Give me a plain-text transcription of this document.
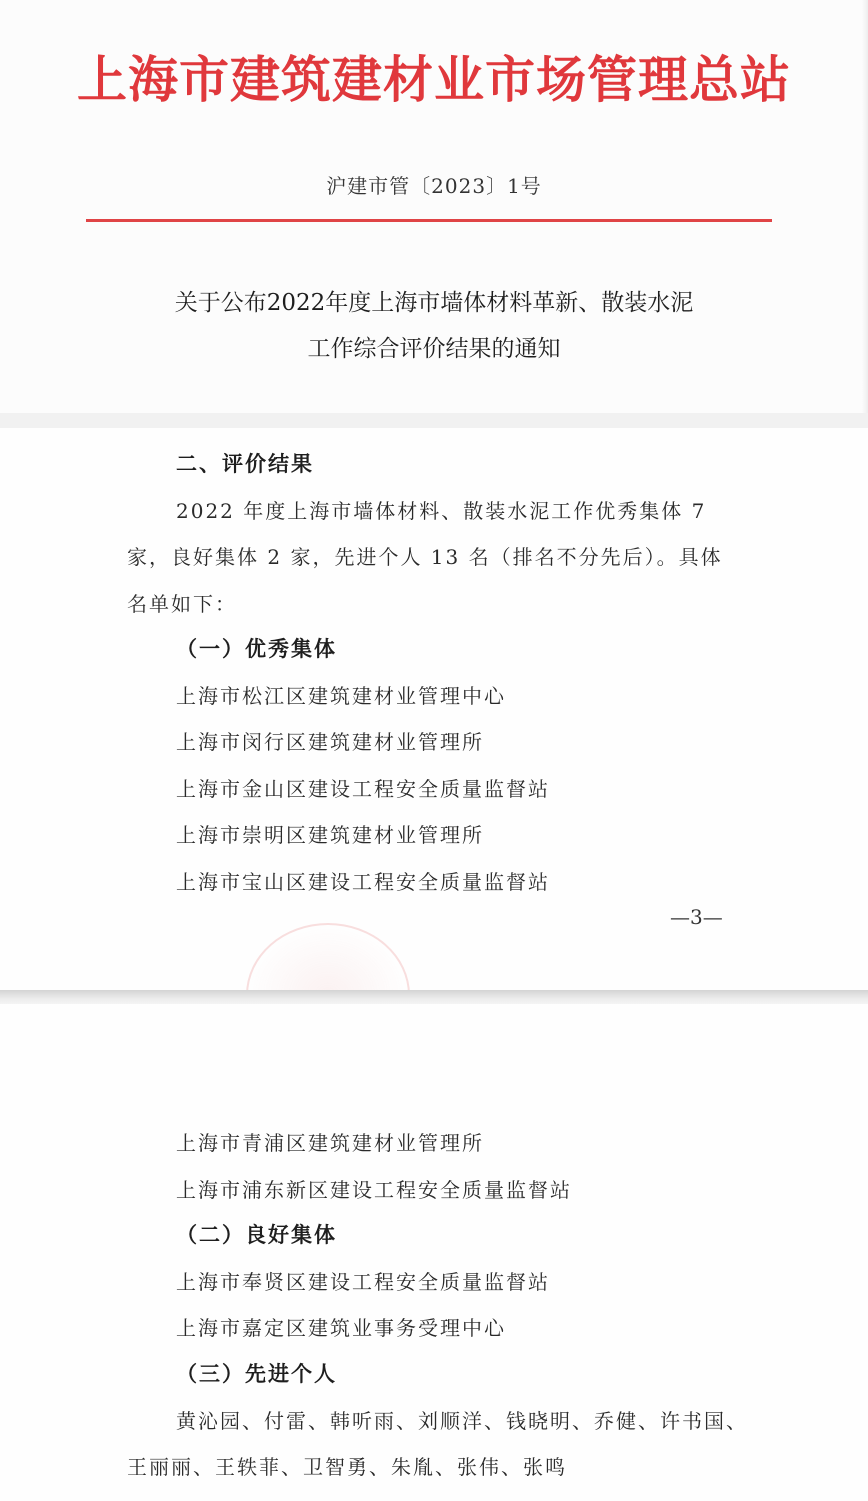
上海市建筑建材业市场管理总站
沪建市管〔2023〕1号
关于公布2022年度上海市墙体材料革新、散装水泥
工作综合评价结果的通知
二、评价结果
2022 年度上海市墙体材料、散装水泥工作优秀集体 7
家，良好集体 2 家，先进个人 13 名（排名不分先后）。具体
名单如下：
（一）优秀集体
上海市松江区建筑建材业管理中心
上海市闵行区建筑建材业管理所
上海市金山区建设工程安全质量监督站
上海市崇明区建筑建材业管理所
上海市宝山区建设工程安全质量监督站
—3—
上海市青浦区建筑建材业管理所
上海市浦东新区建设工程安全质量监督站
（二）良好集体
上海市奉贤区建设工程安全质量监督站
上海市嘉定区建筑业事务受理中心
（三）先进个人
黄沁园、付雷、韩听雨、刘顺洋、钱晓明、乔健、许书国、
王丽丽、王轶菲、卫智勇、朱胤、张伟、张鸣
